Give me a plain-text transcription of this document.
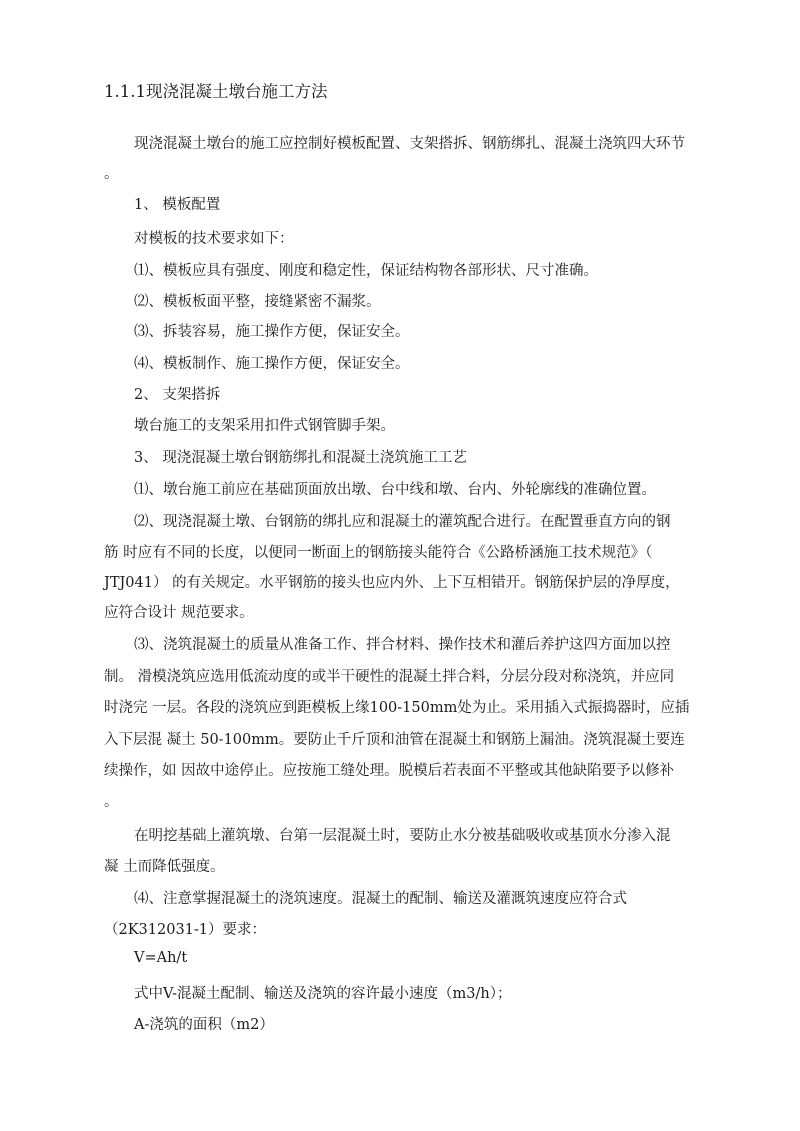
1.1.1现浇混凝土墩台施工方法
现浇混凝土墩台的施工应控制好模板配置、支架搭拆、钢筋绑扎、混凝土浇筑四大环节
。
1、 模板配置
对模板的技术要求如下：
⑴、模板应具有强度、刚度和稳定性，保证结构物各部形状、尺寸准确。
⑵、模板板面平整，接缝紧密不漏浆。
⑶、拆装容易，施工操作方便，保证安全。
⑷、模板制作、施工操作方便，保证安全。
2、 支架搭拆
墩台施工的支架采用扣件式钢管脚手架。
3、 现浇混凝土墩台钢筋绑扎和混凝土浇筑施工工艺
⑴、墩台施工前应在基础顶面放出墩、台中线和墩、台内、外轮廓线的准确位置。
⑵、现浇混凝土墩、台钢筋的绑扎应和混凝土的灌筑配合进行。在配置垂直方向的钢
筋 时应有不同的长度，以便同一断面上的钢筋接头能符合《公路桥涵施工技术规范》（
JTJ041） 的有关规定。水平钢筋的接头也应内外、上下互相错开。钢筋保护层的净厚度，
应符合设计 规范要求。
⑶、浇筑混凝土的质量从准备工作、拌合材料、操作技术和灌后养护这四方面加以控
制。 滑模浇筑应选用低流动度的或半干硬性的混凝土拌合料，分层分段对称浇筑，并应同
时浇完 一层。各段的浇筑应到距模板上缘100-150mm处为止。采用插入式振捣器时，应插
入下层混 凝土 50-100mm。要防止千斤顶和油管在混凝土和钢筋上漏油。浇筑混凝土要连
续操作，如 因故中途停止。应按施工缝处理。脱模后若表面不平整或其他缺陷要予以修补
。
在明挖基础上灌筑墩、台第一层混凝土时，要防止水分被基础吸收或基顶水分渗入混
凝 土而降低强度。
⑷、注意掌握混凝土的浇筑速度。混凝土的配制、输送及灌溉筑速度应符合式
（2K312031-1）要求：
V=Ah/t
式中V-混凝土配制、输送及浇筑的容许最小速度（m3/h）；
A-浇筑的面积（m2）
